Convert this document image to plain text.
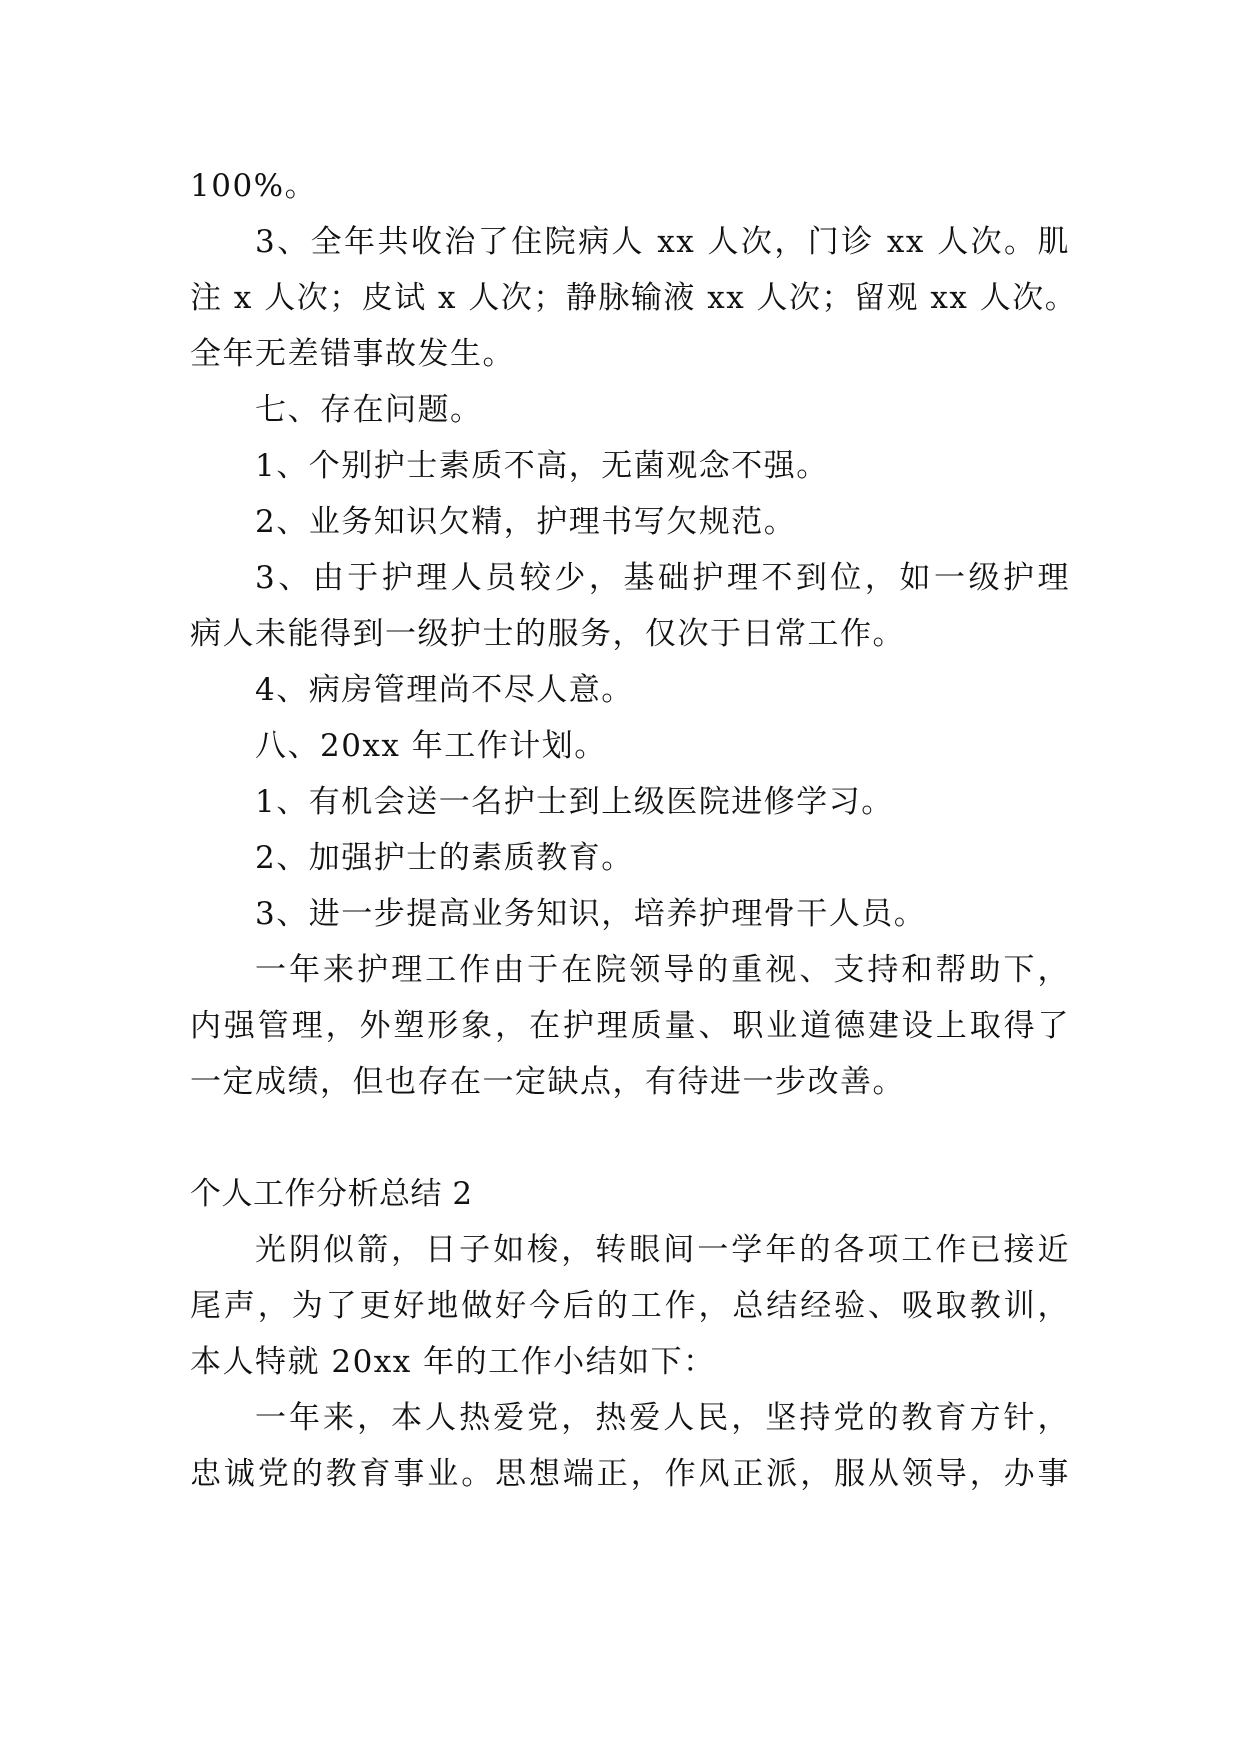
100%。
3、全年共收治了住院病人 xx 人次，门诊 xx 人次。肌
注 x 人次；皮试 x 人次；静脉输液 xx 人次；留观 xx 人次。
全年无差错事故发生。
七、存在问题。
1、个别护士素质不高，无菌观念不强。
2、业务知识欠精，护理书写欠规范。
3、由于护理人员较少，基础护理不到位，如一级护理
病人未能得到一级护士的服务，仅次于日常工作。
4、病房管理尚不尽人意。
八、20xx 年工作计划。
1、有机会送一名护士到上级医院进修学习。
2、加强护士的素质教育。
3、进一步提高业务知识，培养护理骨干人员。
一年来护理工作由于在院领导的重视、支持和帮助下，
内强管理，外塑形象，在护理质量、职业道德建设上取得了
一定成绩，但也存在一定缺点，有待进一步改善。
个人工作分析总结 2
光阴似箭，日子如梭，转眼间一学年的各项工作已接近
尾声，为了更好地做好今后的工作，总结经验、吸取教训，
本人特就 20xx 年的工作小结如下：
一年来，本人热爱党，热爱人民，坚持党的教育方针，
忠诚党的教育事业。思想端正，作风正派，服从领导，办事
